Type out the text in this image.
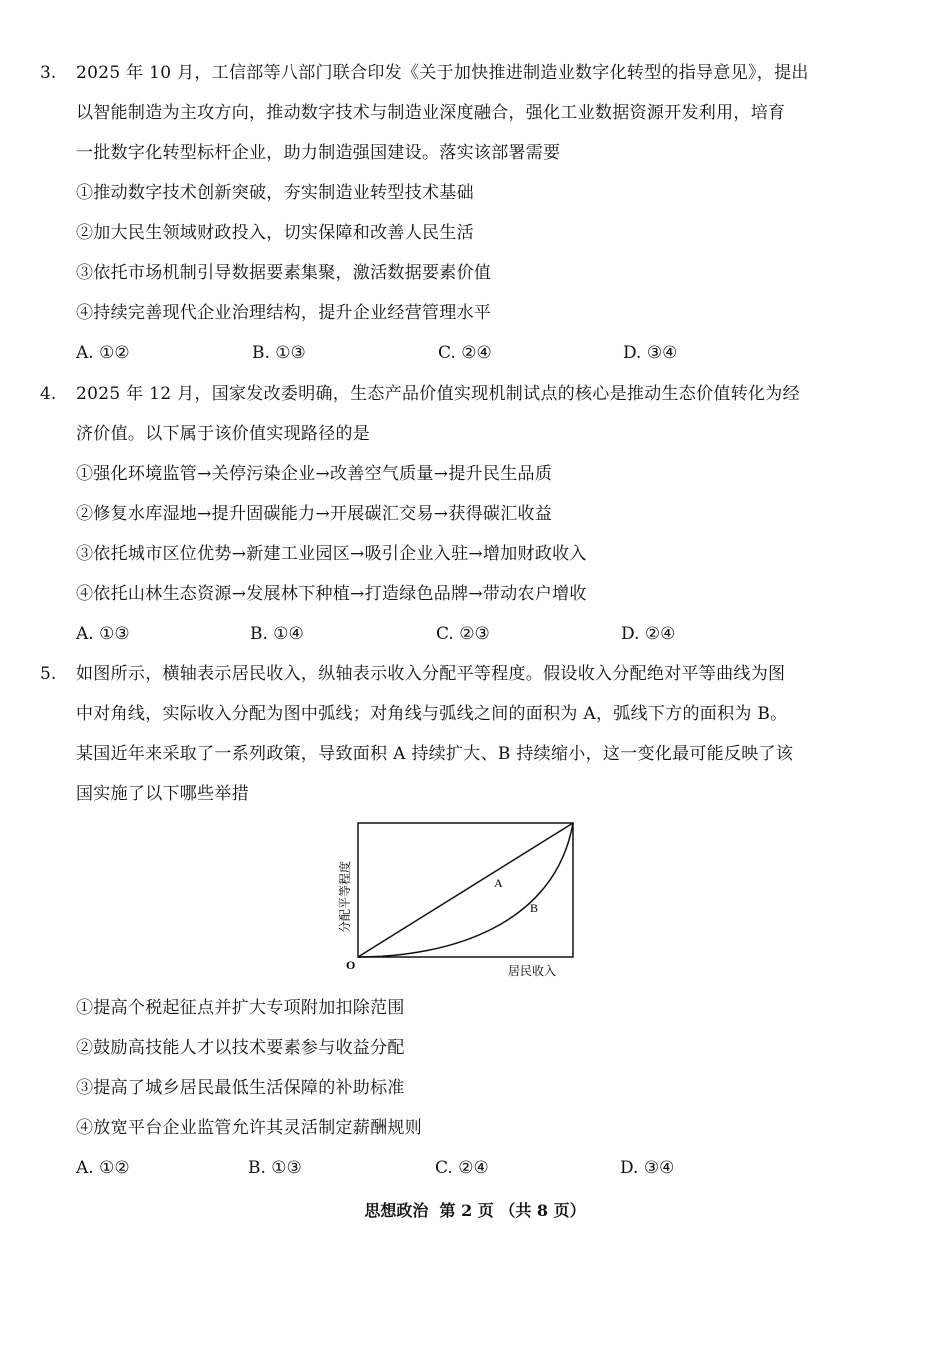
3. 2025 年 10 月，工信部等八部门联合印发《关于加快推进制造业数字化转型的指导意见》，提出
以智能制造为主攻方向，推动数字技术与制造业深度融合，强化工业数据资源开发利用，培育
一批数字化转型标杆企业，助力制造强国建设。落实该部署需要
①推动数字技术创新突破，夯实制造业转型技术基础
②加大民生领域财政投入，切实保障和改善人民生活
③依托市场机制引导数据要素集聚，激活数据要素价值
④持续完善现代企业治理结构，提升企业经营管理水平
A. ①②	B. ①③	C. ②④	D. ③④
4. 2025 年 12 月，国家发改委明确，生态产品价值实现机制试点的核心是推动生态价值转化为经
济价值。以下属于该价值实现路径的是
①强化环境监管→关停污染企业→改善空气质量→提升民生品质
②修复水库湿地→提升固碳能力→开展碳汇交易→获得碳汇收益
③依托城市区位优势→新建工业园区→吸引企业入驻→增加财政收入
④依托山林生态资源→发展林下种植→打造绿色品牌→带动农户增收
A. ①③	B. ①④	C. ②③	D. ②④
5. 如图所示，横轴表示居民收入，纵轴表示收入分配平等程度。假设收入分配绝对平等曲线为图
中对角线，实际收入分配为图中弧线；对角线与弧线之间的面积为 A，弧线下方的面积为 B。
某国近年来采取了一系列政策，导致面积 A 持续扩大、B 持续缩小，这一变化最可能反映了该
国实施了以下哪些举措
A
B
O	居民收入
分配平等程度
①提高个税起征点并扩大专项附加扣除范围
②鼓励高技能人才以技术要素参与收益分配
③提高了城乡居民最低生活保障的补助标准
④放宽平台企业监管允许其灵活制定薪酬规则
A. ①②	B. ①③	C. ②④	D. ③④
思想政治  第 2 页 （共 8 页）
